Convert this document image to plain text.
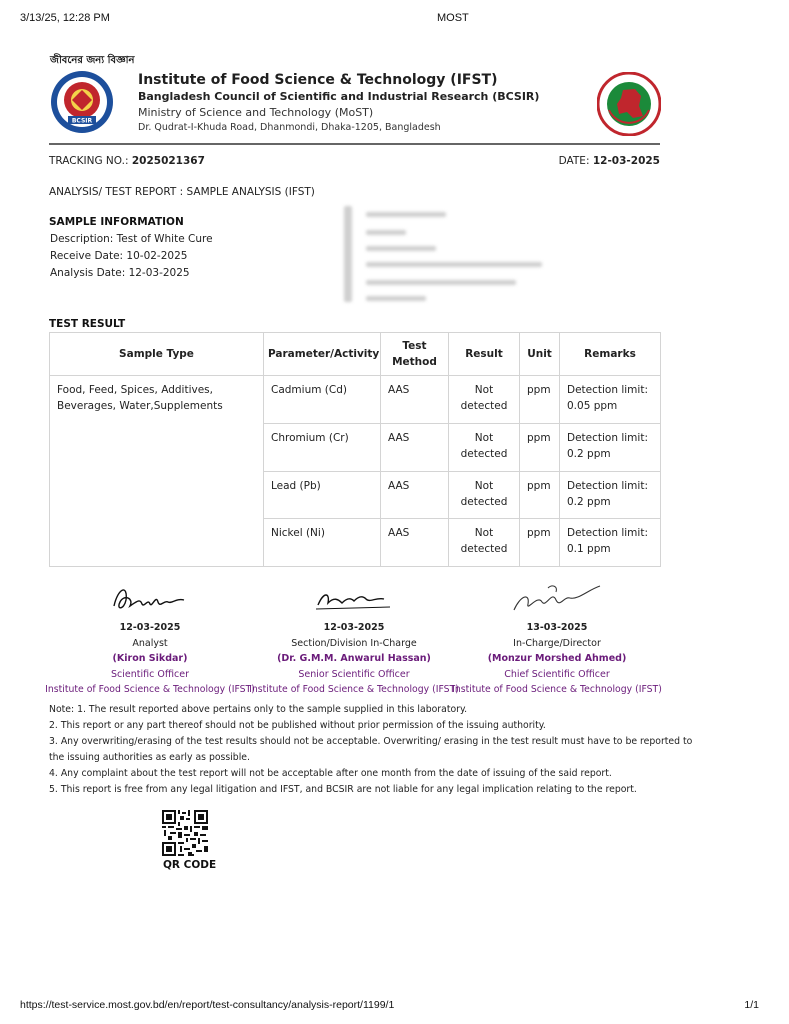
3/13/25, 12:28 PM	MOST
জীবনের জন্য বিজ্ঞান
BCSIR
Institute of Food Science & Technology (IFST)
Bangladesh Council of Scientific and Industrial Research (BCSIR)
Ministry of Science and Technology (MoST)
Dr. Qudrat-I-Khuda Road, Dhanmondi, Dhaka-1205, Bangladesh
TRACKING NO.: 2025021367	DATE: 12-03-2025
ANALYSIS/ TEST REPORT : SAMPLE ANALYSIS (IFST)
SAMPLE INFORMATION
Description: Test of White Cure
Receive Date: 10-02-2025
Analysis Date: 12-03-2025
TEST RESULT
Sample Type	Parameter/Activity	Test Method	Result	Unit	Remarks
Food, Feed, Spices, Additives, Beverages, Water,Supplements	Cadmium (Cd)	AAS	Not detected	ppm	Detection limit: 0.05 ppm
	Chromium (Cr)	AAS	Not detected	ppm	Detection limit: 0.2 ppm
	Lead (Pb)	AAS	Not detected	ppm	Detection limit: 0.2 ppm
	Nickel (Ni)	AAS	Not detected	ppm	Detection limit: 0.1 ppm
12-03-2025
Analyst
(Kiron Sikdar)
Scientific Officer
Institute of Food Science & Technology (IFST)
12-03-2025
Section/Division In-Charge
(Dr. G.M.M. Anwarul Hassan)
Senior Scientific Officer
Institute of Food Science & Technology (IFST)
13-03-2025
In-Charge/Director
(Monzur Morshed Ahmed)
Chief Scientific Officer
Institute of Food Science & Technology (IFST)
Note: 1. The result reported above pertains only to the sample supplied in this laboratory.
2. This report or any part thereof should not be published without prior permission of the issuing authority.
3. Any overwriting/erasing of the test results should not be acceptable. Overwriting/ erasing in the test result must have to be reported to
the issuing authorities as early as possible.
4. Any complaint about the test report will not be acceptable after one month from the date of issuing of the said report.
5. This report is free from any legal litigation and IFST, and BCSIR are not liable for any legal implication relating to the report.
QR CODE
https://test-service.most.gov.bd/en/report/test-consultancy/analysis-report/1199/1	1/1
